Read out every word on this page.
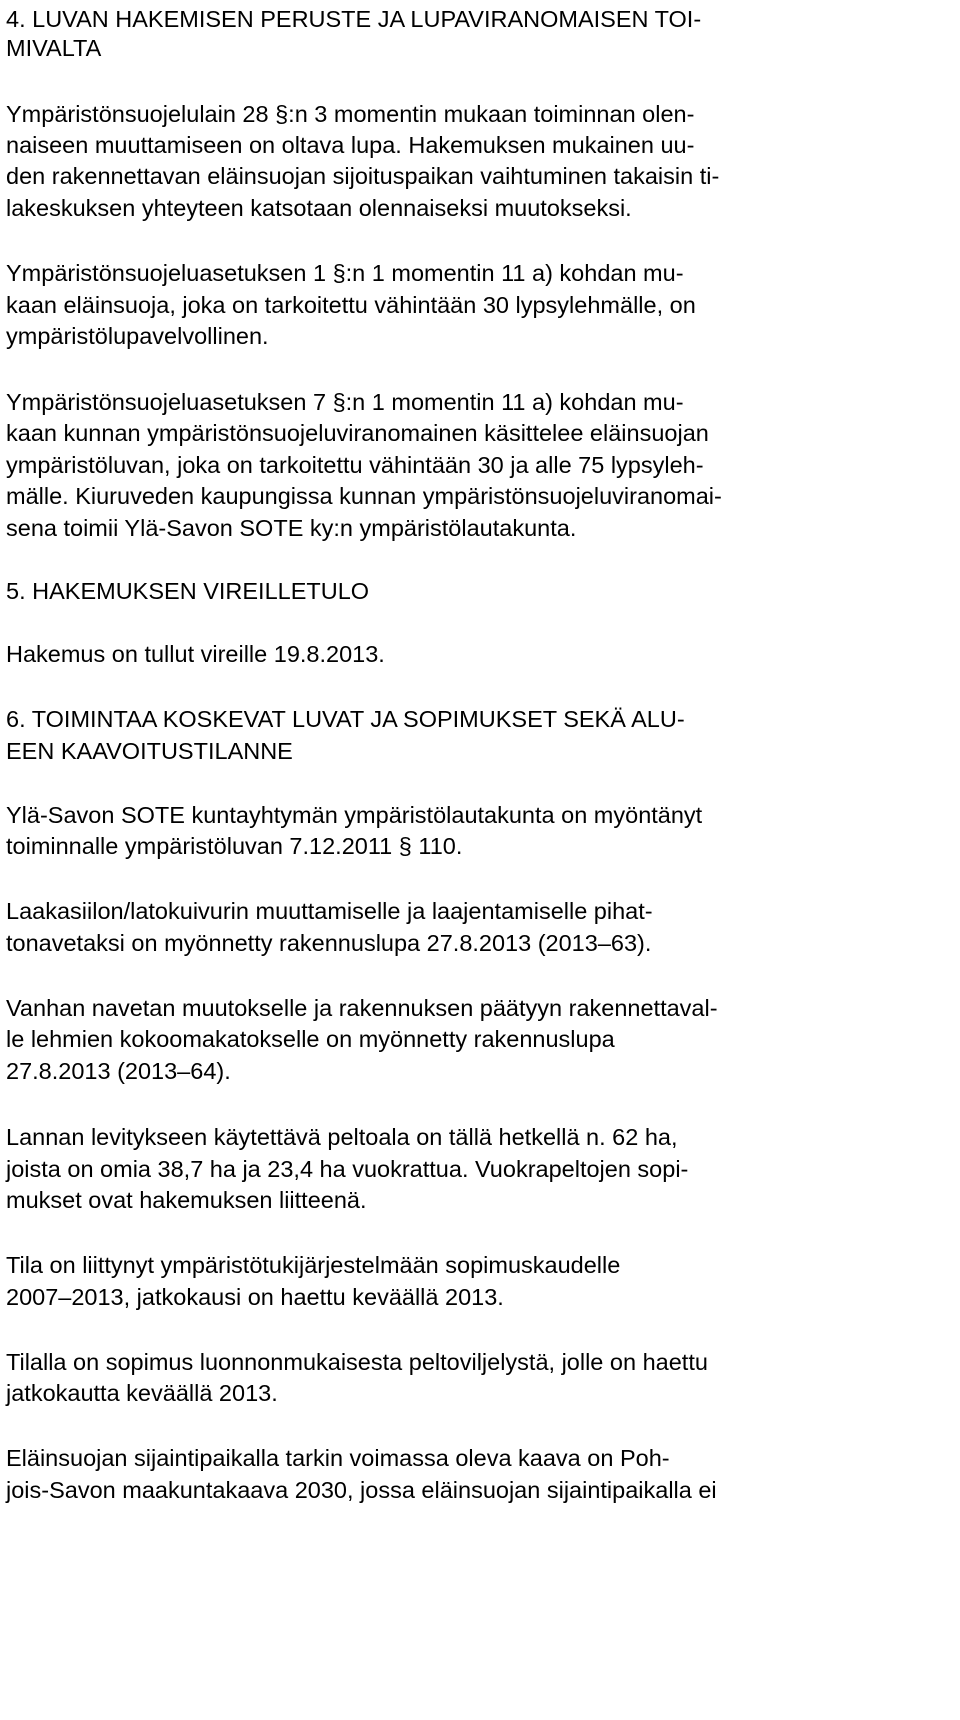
4. LUVAN HAKEMISEN PERUSTE JA LUPAVIRANOMAISEN TOI-
MIVALTA
Ympäristönsuojelulain 28 §:n 3 momentin mukaan toiminnan olen-
naiseen muuttamiseen on oltava lupa. Hakemuksen mukainen uu-
den rakennettavan eläinsuojan sijoituspaikan vaihtuminen takaisin ti-
lakeskuksen yhteyteen katsotaan olennaiseksi muutokseksi.
Ympäristönsuojeluasetuksen 1 §:n 1 momentin 11 a) kohdan mu-
kaan eläinsuoja, joka on tarkoitettu vähintään 30 lypsylehmälle, on
ympäristölupavelvollinen.
Ympäristönsuojeluasetuksen 7 §:n 1 momentin 11 a) kohdan mu-
kaan kunnan ympäristönsuojeluviranomainen käsittelee eläinsuojan
ympäristöluvan, joka on tarkoitettu vähintään 30 ja alle 75 lypsyleh-
mälle. Kiuruveden kaupungissa kunnan ympäristönsuojeluviranomai-
sena toimii Ylä-Savon SOTE ky:n ympäristölautakunta.
5. HAKEMUKSEN VIREILLETULO
Hakemus on tullut vireille 19.8.2013.
6. TOIMINTAA KOSKEVAT LUVAT JA SOPIMUKSET SEKÄ ALU-
EEN KAAVOITUSTILANNE
Ylä-Savon SOTE kuntayhtymän ympäristölautakunta on myöntänyt
toiminnalle ympäristöluvan 7.12.2011 § 110.
Laakasiilon/latokuivurin muuttamiselle ja laajentamiselle pihat-
tonavetaksi on myönnetty rakennuslupa 27.8.2013 (2013–63).
Vanhan navetan muutokselle ja rakennuksen päätyyn rakennettaval-
le lehmien kokoomakatokselle on myönnetty rakennuslupa
27.8.2013 (2013–64).
Lannan levitykseen käytettävä peltoala on tällä hetkellä n. 62 ha,
joista on omia 38,7 ha ja 23,4 ha vuokrattua. Vuokrapeltojen sopi-
mukset ovat hakemuksen liitteenä.
Tila on liittynyt ympäristötukijärjestelmään sopimuskaudelle
2007–2013, jatkokausi on haettu keväällä 2013.
Tilalla on sopimus luonnonmukaisesta peltoviljelystä, jolle on haettu
jatkokautta keväällä 2013.
Eläinsuojan sijaintipaikalla tarkin voimassa oleva kaava on Poh-
jois-Savon maakuntakaava 2030, jossa eläinsuojan sijaintipaikalla ei
